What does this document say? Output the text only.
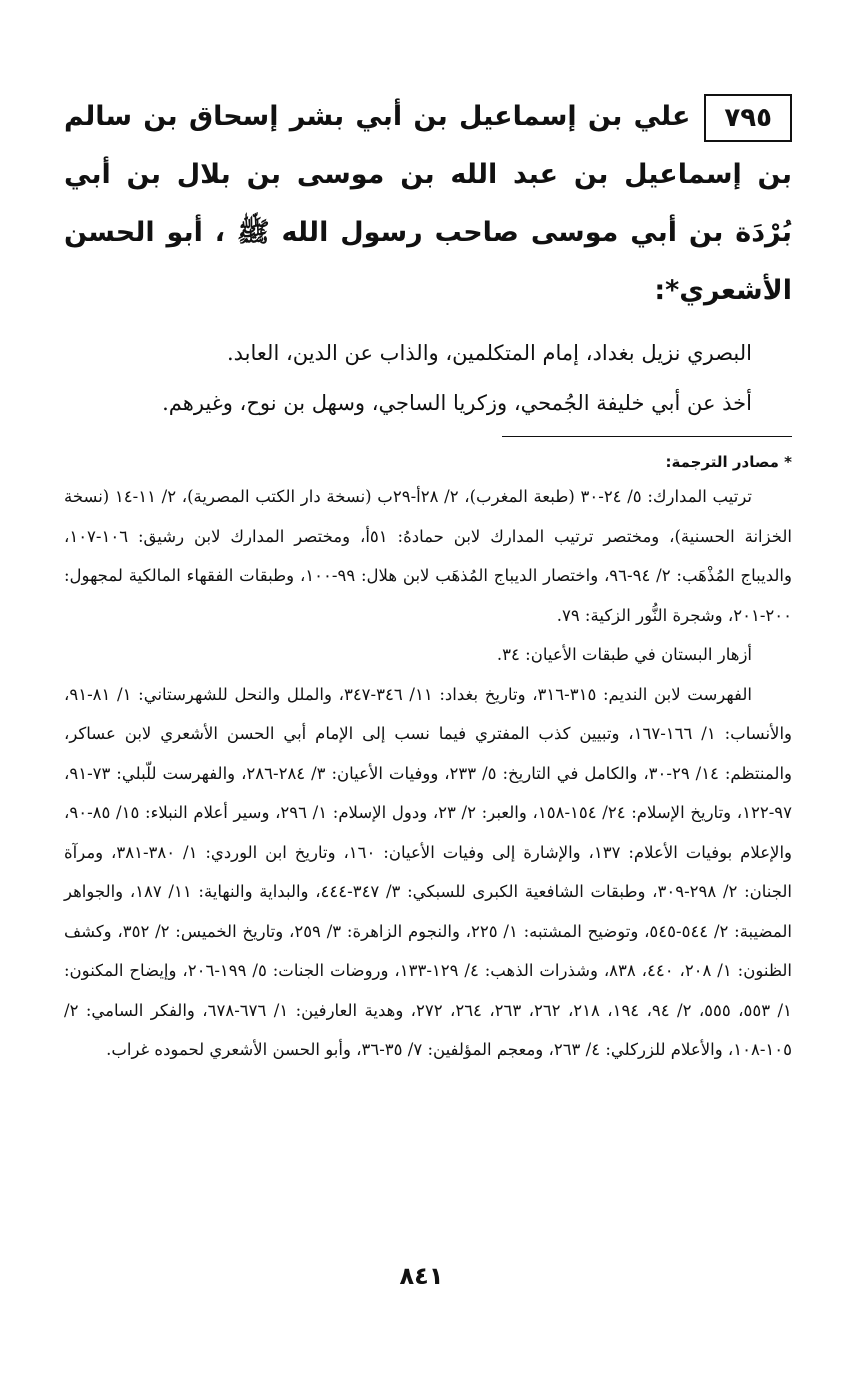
٧٩٥علي بن إسماعيل بن أبي بشر إسحاق بن سالم بن إسماعيل بن عبد الله بن موسى بن بلال بن أبي بُرْدَة بن أبي موسى صاحب رسول الله ﷺ ، أبو الحسن الأشعري*:

البصري نزيل بغداد، إمام المتكلمين، والذاب عن الدين، العابد.

أخذ عن أبي خليفة الجُمحي، وزكريا الساجي، وسهل بن نوح، وغيرهم.

* مصادر الترجمة:

ترتيب المدارك: ٥/ ٢٤-٣٠ (طبعة المغرب)، ٢/ ٢٨أ-٢٩ب (نسخة دار الكتب المصرية)، ٢/ ١١-١٤ (نسخة الخزانة الحسنية)، ومختصر ترتيب المدارك لابن حمادهُ: ٥١أ، ومختصر المدارك لابن رشيق: ١٠٦-١٠٧، والديباج المُذْهَب: ٢/ ٩٤-٩٦، واختصار الديباج المُذهَب لابن هلال: ٩٩-١٠٠، وطبقات الفقهاء المالكية لمجهول: ٢٠٠-٢٠١، وشجرة النُّور الزكية: ٧٩.

أزهار البستان في طبقات الأعيان: ٣٤.

الفهرست لابن النديم: ٣١٥-٣١٦، وتاريخ بغداد: ١١/ ٣٤٦-٣٤٧، والملل والنحل للشهرستاني: ١/ ٨١-٩١، والأنساب: ١/ ١٦٦-١٦٧، وتبيين كذب المفتري فيما نسب إلى الإمام أبي الحسن الأشعري لابن عساكر، والمنتظم: ١٤/ ٢٩-٣٠، والكامل في التاريخ: ٥/ ٢٣٣، ووفيات الأعيان: ٣/ ٢٨٤-٢٨٦، والفهرست للّبلي: ٧٣-٩١، ٩٧-١٢٢، وتاريخ الإسلام: ٢٤/ ١٥٤-١٥٨، والعبر: ٢/ ٢٣، ودول الإسلام: ١/ ٢٩٦، وسير أعلام النبلاء: ١٥/ ٨٥-٩٠، والإعلام بوفيات الأعلام: ١٣٧، والإشارة إلى وفيات الأعيان: ١٦٠، وتاريخ ابن الوردي: ١/ ٣٨٠-٣٨١، ومرآة الجنان: ٢/ ٢٩٨-٣٠٩، وطبقات الشافعية الكبرى للسبكي: ٣/ ٣٤٧-٤٤٤، والبداية والنهاية: ١١/ ١٨٧، والجواهر المضيبة: ٢/ ٥٤٤-٥٤٥، وتوضيح المشتبه: ١/ ٢٢٥، والنجوم الزاهرة: ٣/ ٢٥٩، وتاريخ الخميس: ٢/ ٣٥٢، وكشف الظنون: ١/ ٢٠٨، ٤٤٠، ٨٣٨، وشذرات الذهب: ٤/ ١٢٩-١٣٣، وروضات الجنات: ٥/ ١٩٩-٢٠٦، وإيضاح المكنون: ١/ ٥٥٣، ٥٥٥، ٢/ ٩٤، ١٩٤، ٢١٨، ٢٦٢، ٢٦٣، ٢٦٤، ٢٧٢، وهدية العارفين: ١/ ٦٧٦-٦٧٨، والفكر السامي: ٢/ ١٠٥-١٠٨، والأعلام للزركلي: ٤/ ٢٦٣، ومعجم المؤلفين: ٧/ ٣٥-٣٦، وأبو الحسن الأشعري لحموده غراب.

٨٤١
